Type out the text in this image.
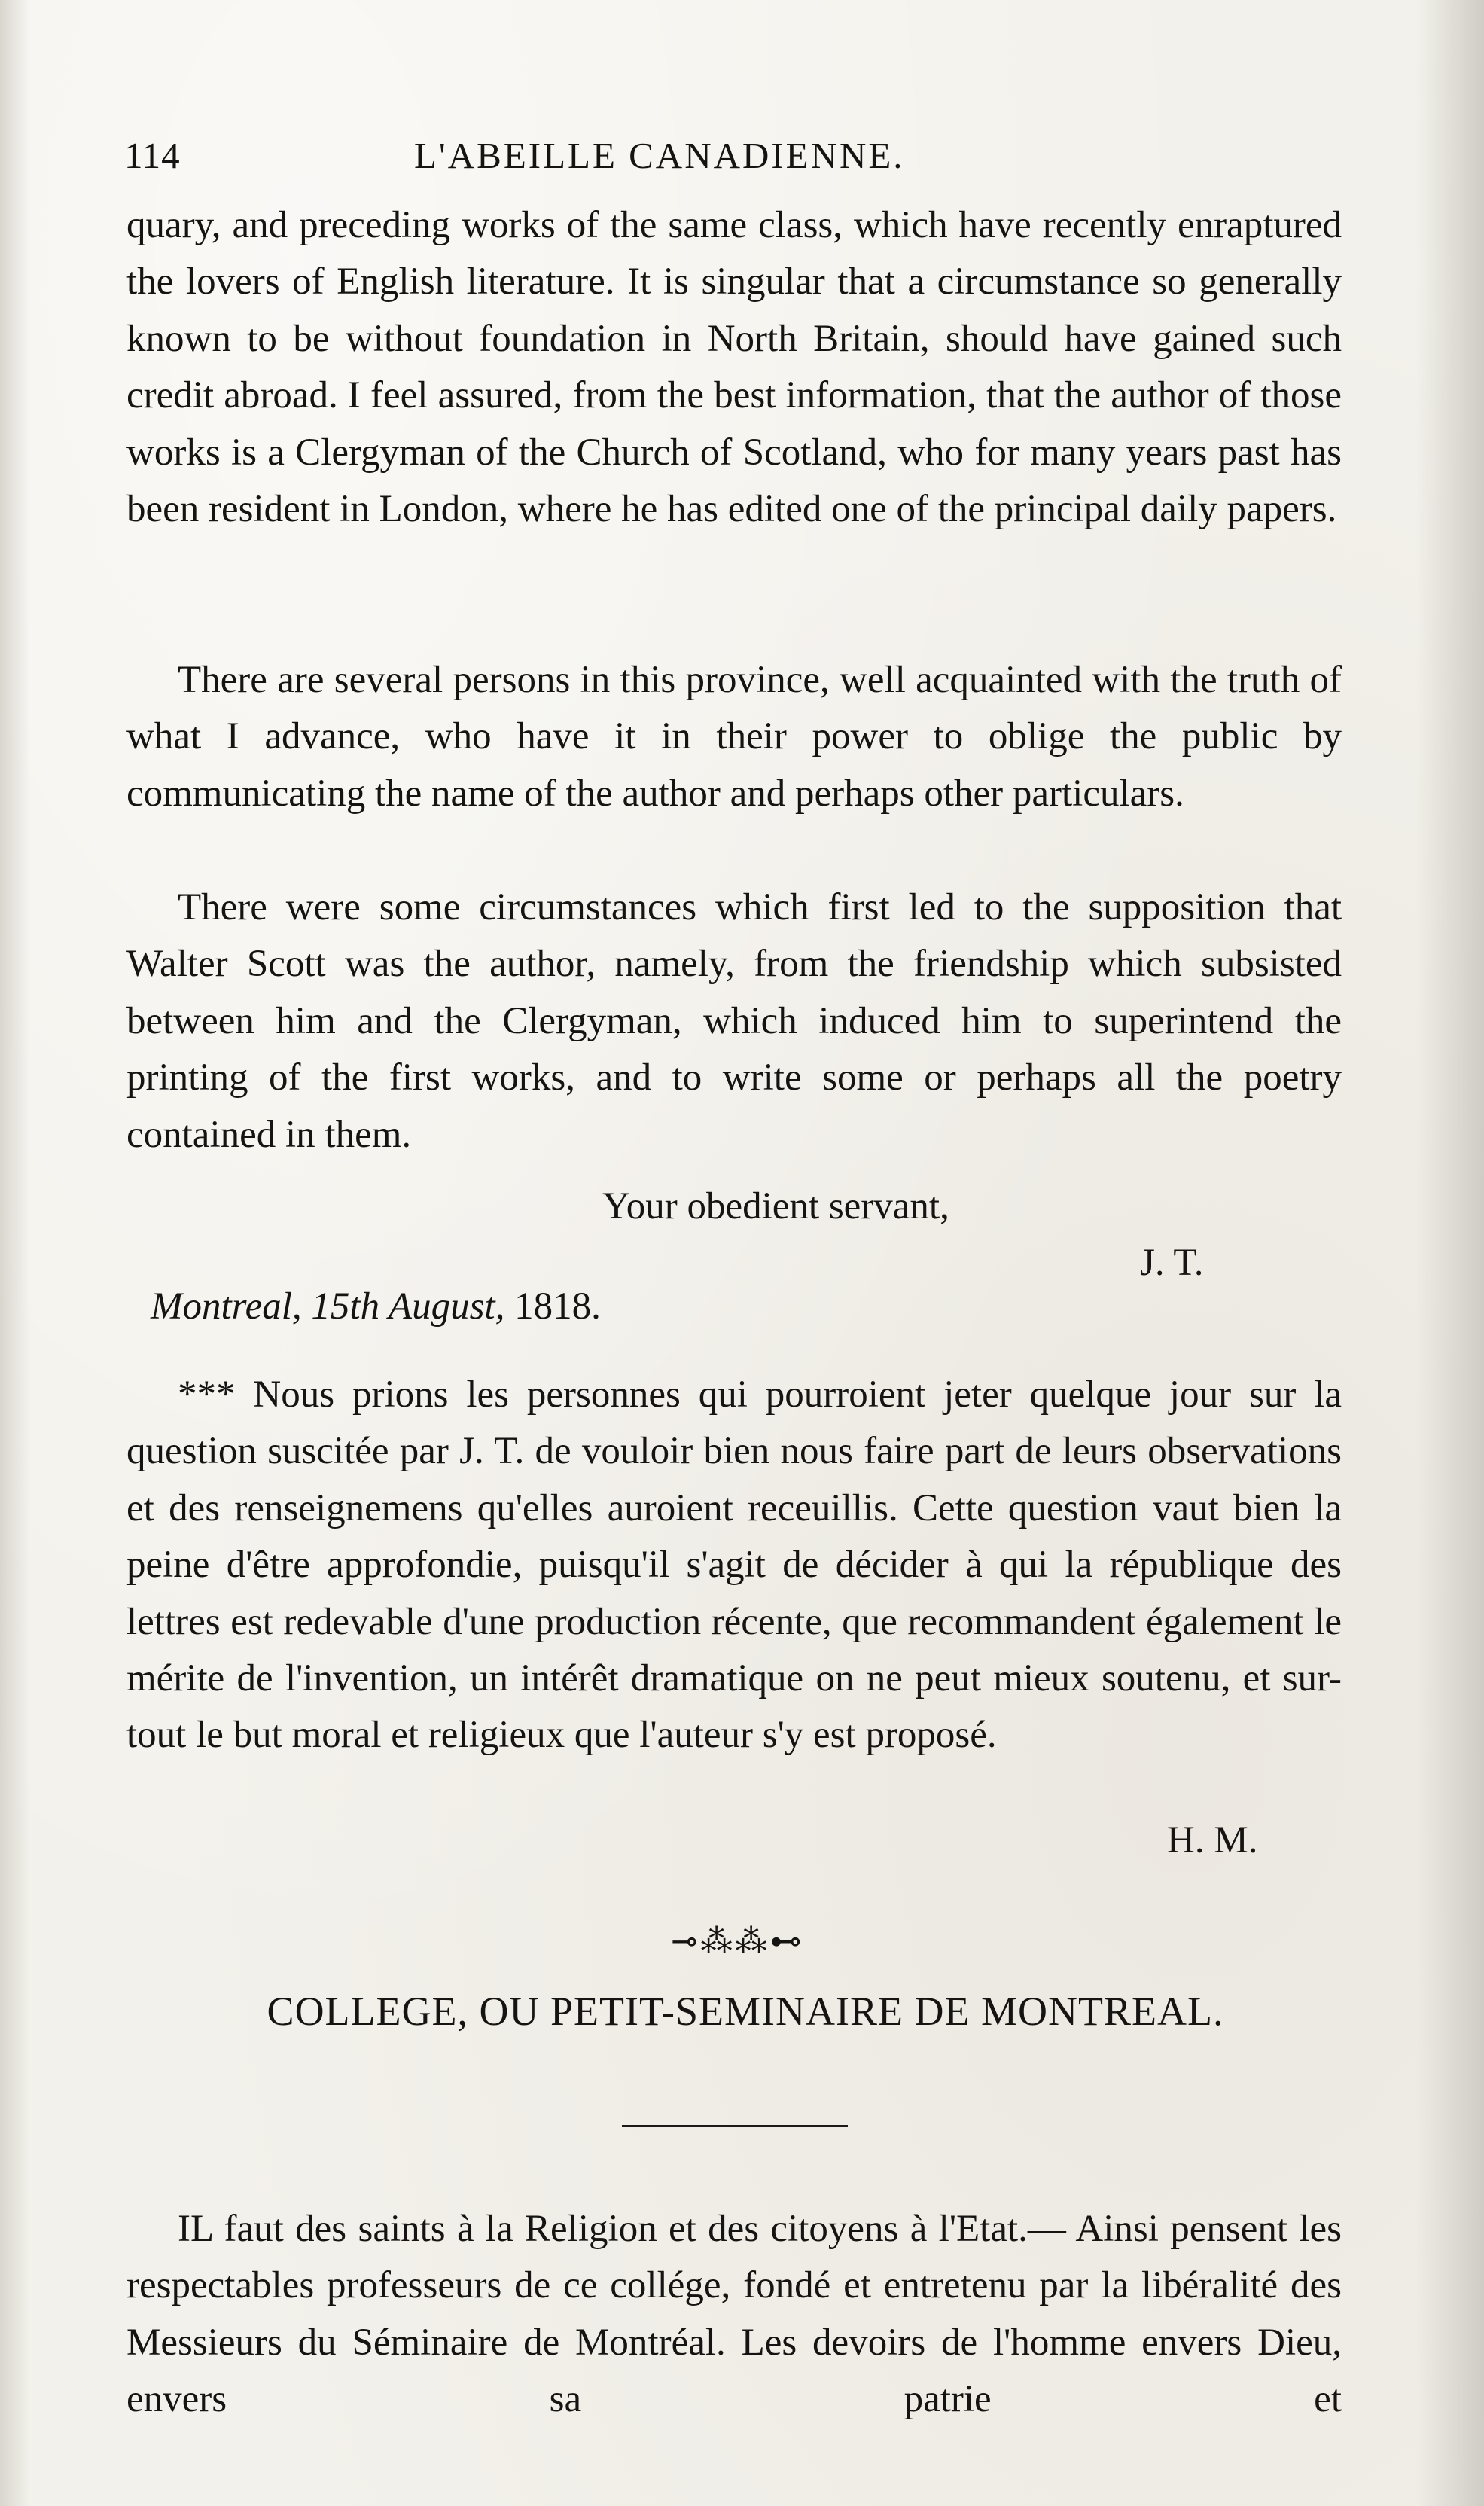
114	L'ABEILLE CANADIENNE.

quary, and preceding works of the same class, which have recently enraptured the lovers of English literature. It is singular that a circumstance so generally known to be without foundation in North Britain, should have gained such credit abroad. I feel assured, from the best information, that the author of those works is a Clergyman of the Church of Scotland, who for many years past has been resident in London, where he has edited one of the principal daily papers.

There are several persons in this province, well acquainted with the truth of what I advance, who have it in their power to oblige the public by communicating the name of the author and perhaps other particulars.

There were some circumstances which first led to the supposition that Walter Scott was the author, namely, from the friendship which subsisted between him and the Clergyman, which induced him to superintend the printing of the first works, and to write some or perhaps all the poetry contained in them.

Your obedient servant,
J. T.
Montreal, 15th August, 1818.

*** Nous prions les personnes qui pourroient jeter quelque jour sur la question suscitée par J. T. de vouloir bien nous faire part de leurs observations et des renseignemens qu'elles auroient receuillis. Cette question vaut bien la peine d'être approfondie, puisqu'il s'agit de décider à qui la république des lettres est redevable d'une production récente, que recommandent également le mérite de l'invention, un intérêt dramatique on ne peut mieux soutenu, et sur-tout le but moral et religieux que l'auteur s'y est proposé.

H. M.
⊸⁂⁂⊷
COLLEGE, OU PETIT-SEMINAIRE DE MONTREAL.

IL faut des saints à la Religion et des citoyens à l'Etat.— Ainsi pensent les respectables professeurs de ce collége, fondé et entretenu par la libéralité des Messieurs du Séminaire de Montréal. Les devoirs de l'homme envers Dieu, envers sa patrie et
